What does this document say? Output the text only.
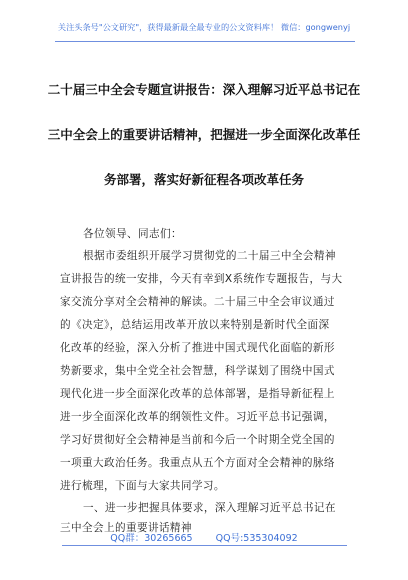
关注头条号"公文研究"，获得最新最全最专业的公文资料库！ 微信：gongwenyj
二十届三中全会专题宣讲报告：深入理解习近平总书记在
三中全会上的重要讲话精神，把握进一步全面深化改革任
务部署，落实好新征程各项改革任务
各位领导、同志们：
根据市委组织开展学习贯彻党的二十届三中全会精神
宣讲报告的统一安排，今天有幸到X系统作专题报告，与大
家交流分享对全会精神的解读。二十届三中全会审议通过
的《决定》，总结运用改革开放以来特别是新时代全面深
化改革的经验，深入分析了推进中国式现代化面临的新形
势新要求，集中全党全社会智慧，科学谋划了围绕中国式
现代化进一步全面深化改革的总体部署，是指导新征程上
进一步全面深化改革的纲领性文件。习近平总书记强调，
学习好贯彻好全会精神是当前和今后一个时期全党全国的
一项重大政治任务。我重点从五个方面对全会精神的脉络
进行梳理，下面与大家共同学习。
一、进一步把握具体要求，深入理解习近平总书记在
三中全会上的重要讲话精神
QQ群：30265665 QQ号:535304092
